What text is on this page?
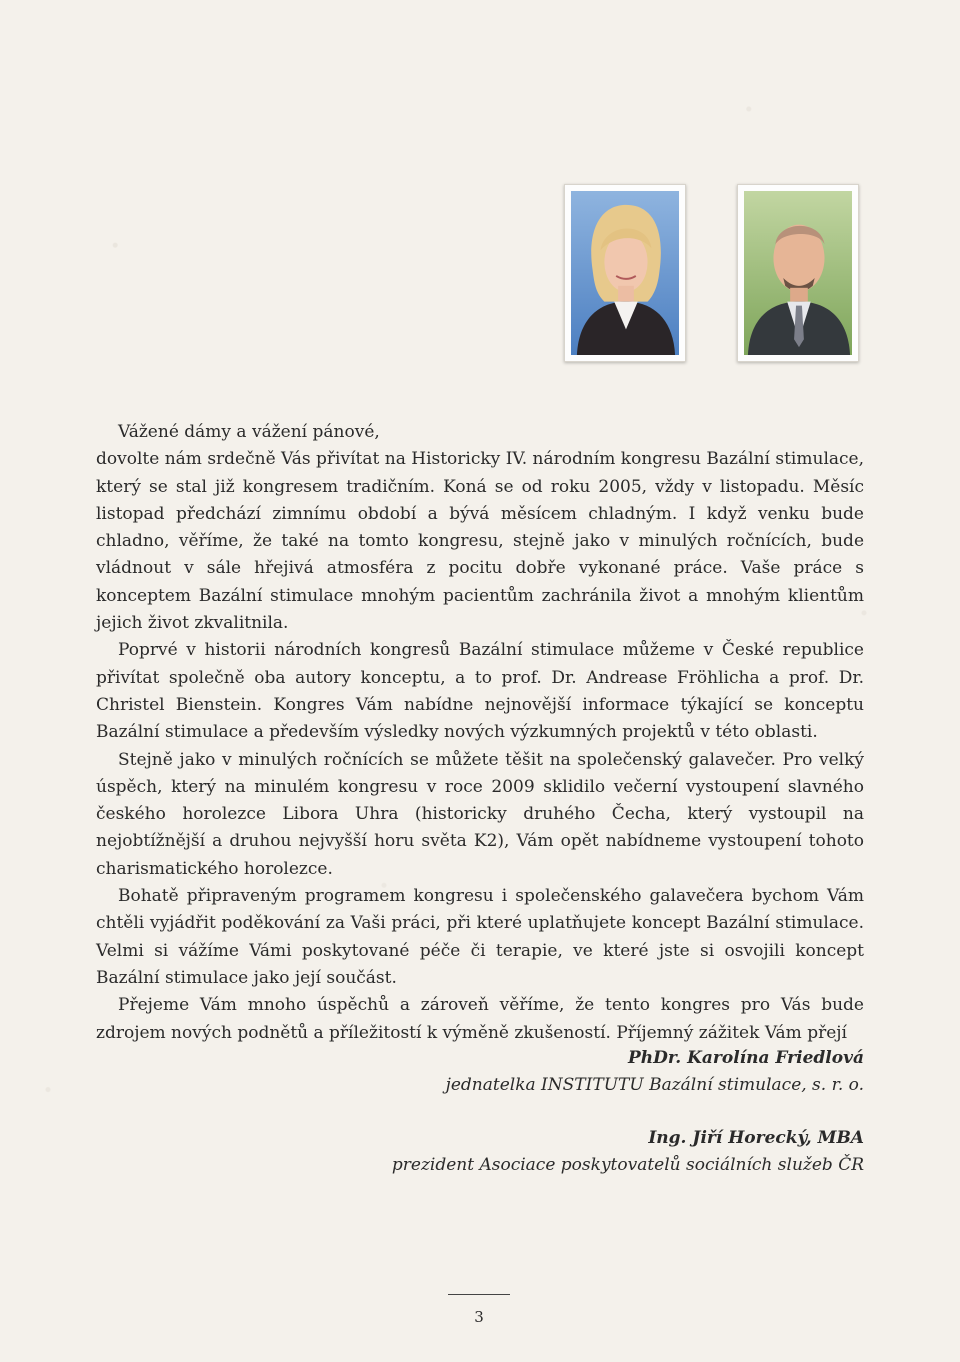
Vážené dámy a vážení pánové,

dovolte nám srdečně Vás přivítat na Historicky IV. národním kongresu Bazální stimulace, který se stal již kongresem tradičním. Koná se od roku 2005, vždy v listopadu. Měsíc listopad předchází zimnímu období a bývá měsícem chladným. I když venku bude chladno, věříme, že také na tomto kongresu, stejně jako v minulých ročnících, bude vládnout v sále hřejivá atmosféra z pocitu dobře vykonané práce. Vaše práce s konceptem Bazální stimulace mnohým pacientům zachránila život a mnohým klientům jejich život zkvalitnila.

Poprvé v historii národních kongresů Bazální stimulace můžeme v České republice přivítat společně oba autory konceptu, a to prof. Dr. Andrease Fröhlicha a prof. Dr. Christel Bienstein. Kongres Vám nabídne nejnovější informace týkající se konceptu Bazální stimulace a především výsledky nových výzkumných projektů v této oblasti.

Stejně jako v minulých ročnících se můžete těšit na společenský galavečer. Pro velký úspěch, který na minulém kongresu v roce 2009 sklidilo večerní vystoupení slavného českého horolezce Libora Uhra (historicky druhého Čecha, který vystoupil na nejobtížnější a druhou nejvyšší horu světa K2), Vám opět nabídneme vystoupení tohoto charismatického horolezce.

Bohatě připraveným programem kongresu i společenského galavečera bychom Vám chtěli vyjádřit poděkování za Vaši práci, při které uplatňujete koncept Bazální stimulace. Velmi si vážíme Vámi poskytované péče či terapie, ve které jste si osvojili koncept Bazální stimulace jako její součást.

Přejeme Vám mnoho úspěchů a zároveň věříme, že tento kongres pro Vás bude zdrojem nových podnětů a příležitostí k výměně zkušeností. Příjemný zážitek Vám přejí

PhDr. Karolína Friedlová
jednatelka INSTITUTU Bazální stimulace, s. r. o.
Ing. Jiří Horecký, MBA
prezident Asociace poskytovatelů sociálních služeb ČR
3
